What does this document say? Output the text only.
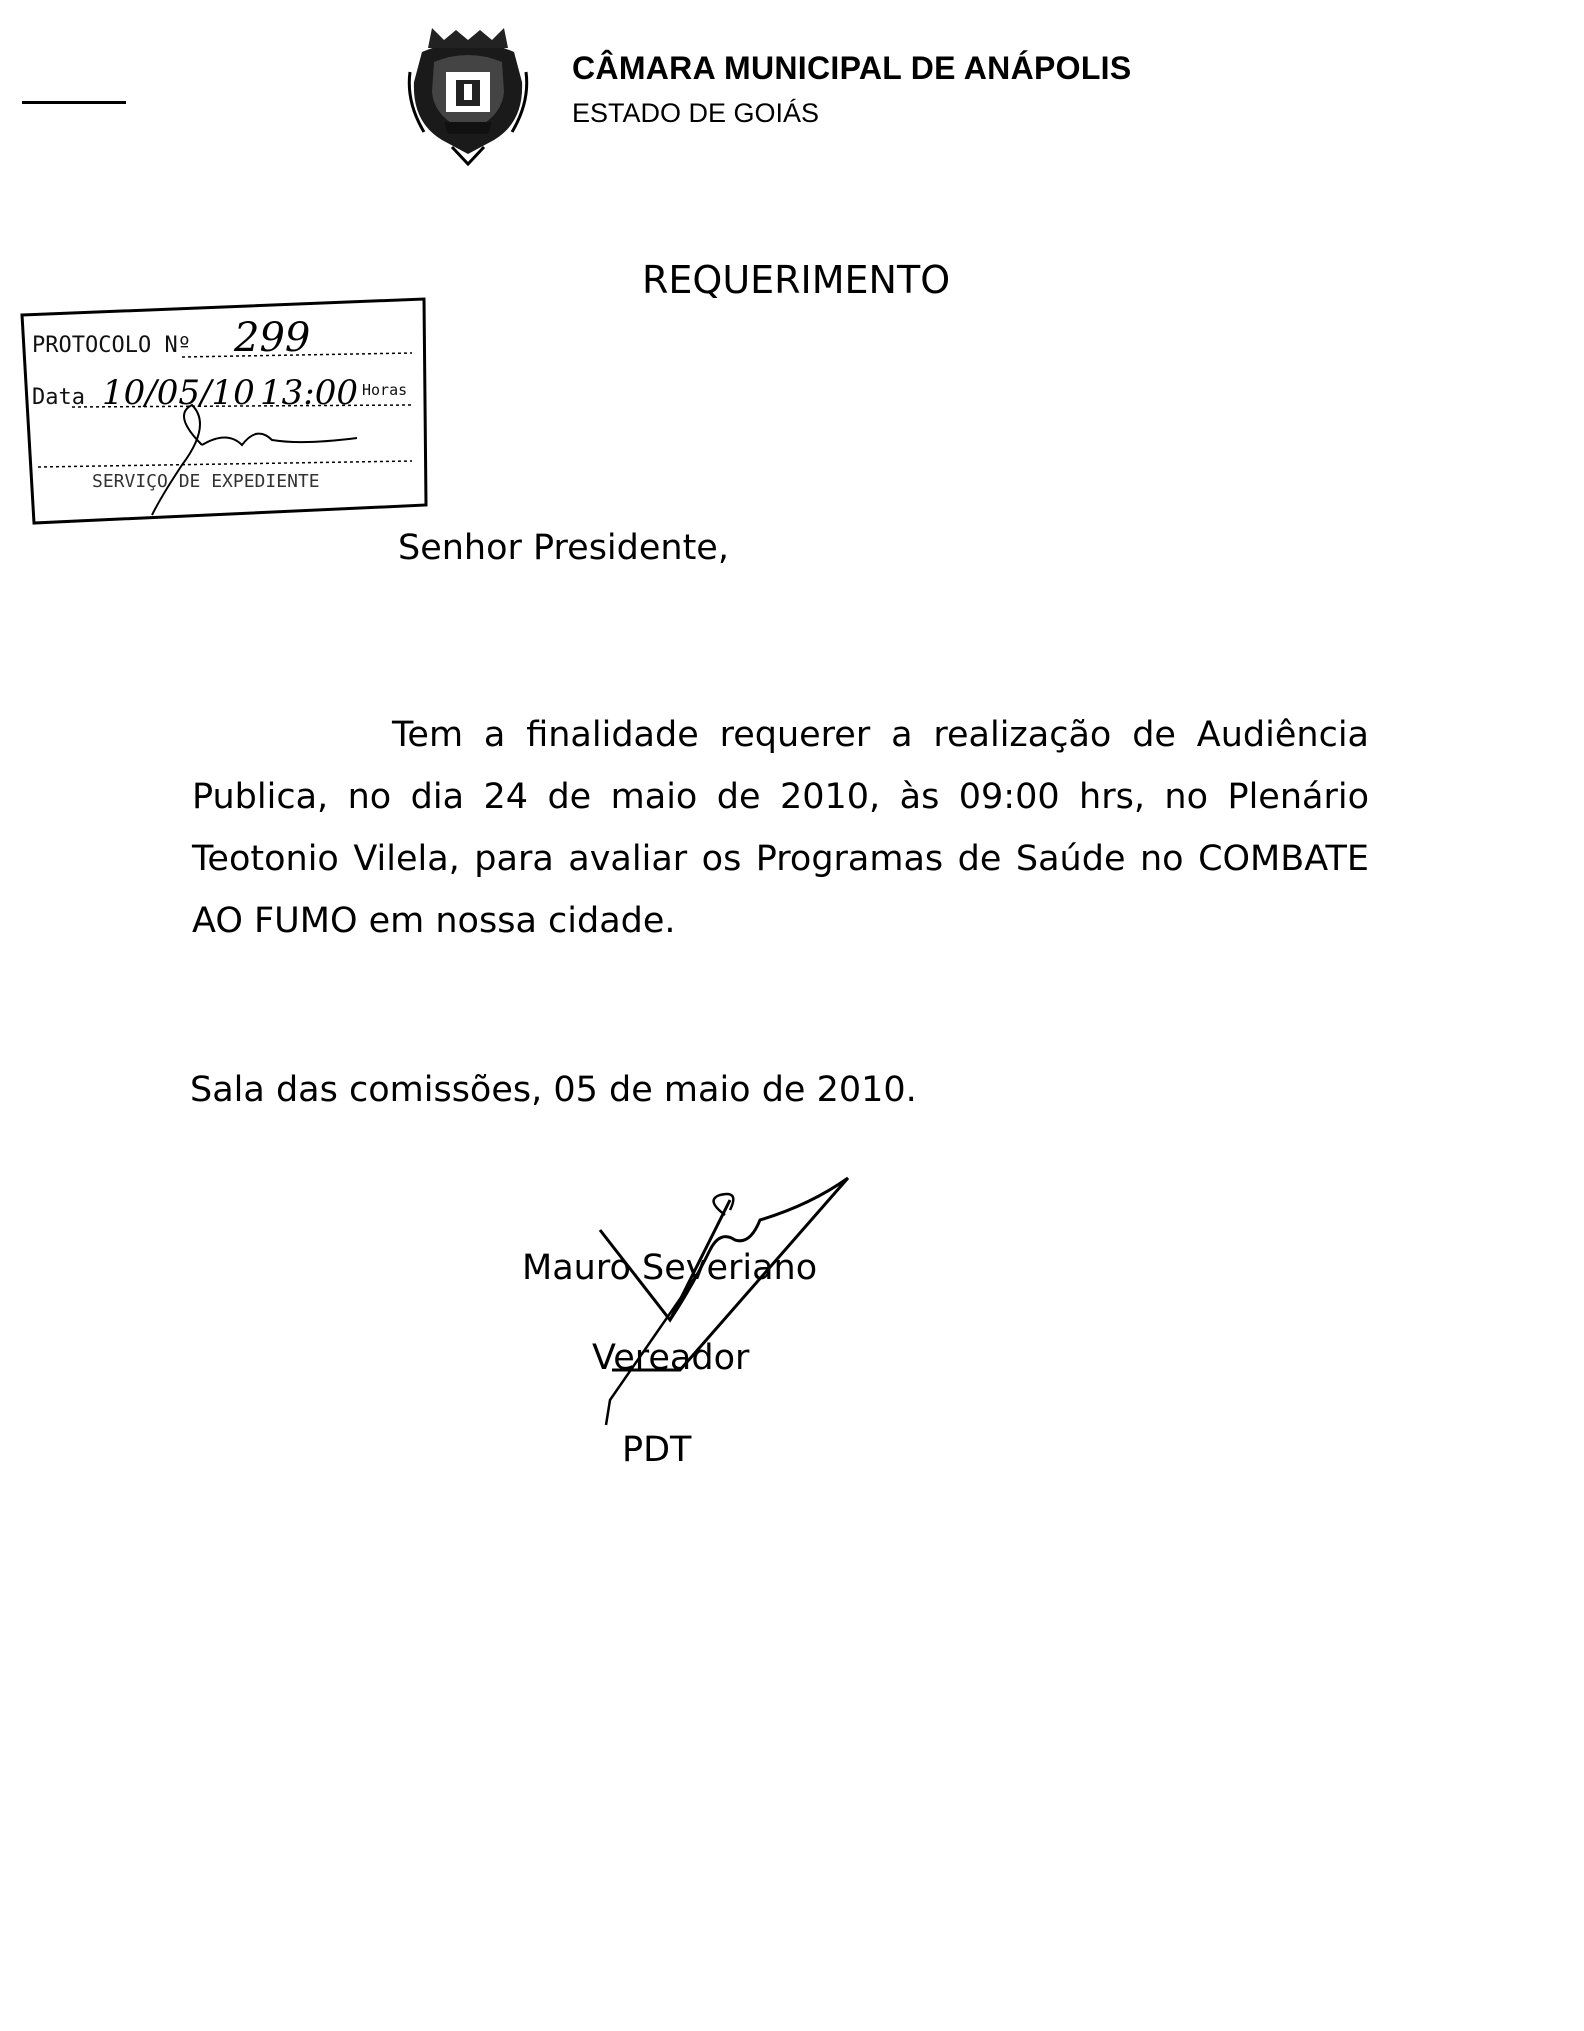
CÂMARA MUNICIPAL DE ANÁPOLIS
ESTADO DE GOIÁS
REQUERIMENTO
PROTOCOLO Nº 299
Data 10/05/10 13:00 Horas
SERVIÇO DE EXPEDIENTE
Senhor Presidente,
Tem a finalidade requerer a realização de Audiência Publica, no dia 24 de maio de 2010, às 09:00 hrs, no Plenário Teotonio Vilela, para avaliar os Programas de Saúde no COMBATE AO FUMO em nossa cidade.
Sala das comissões, 05 de maio de 2010.
Mauro Severiano
Vereador
PDT
